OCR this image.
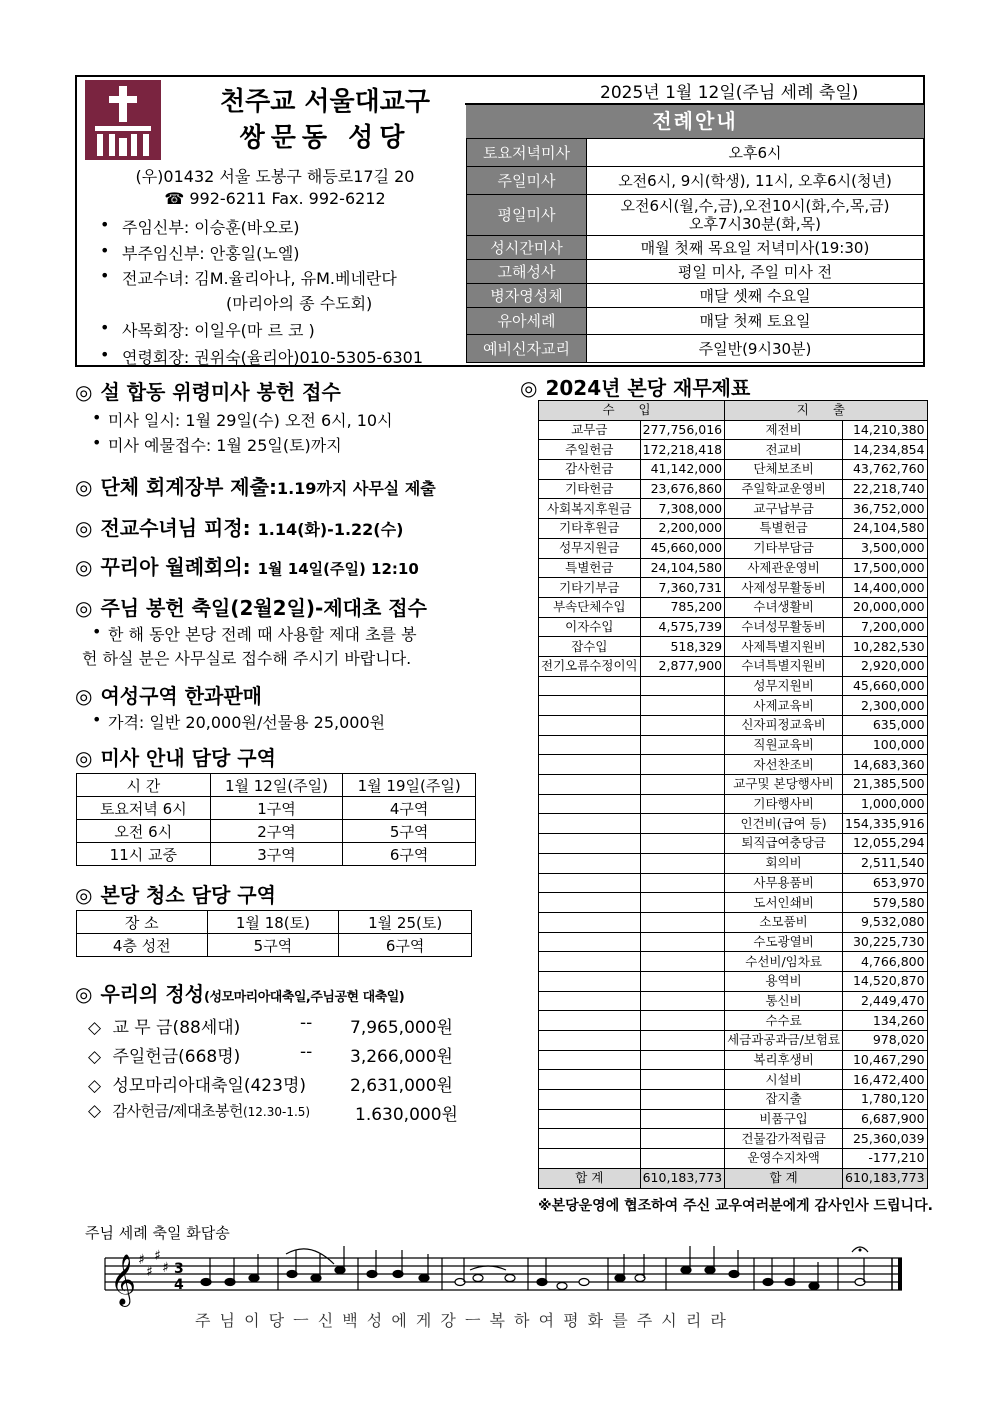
천주교 서울대교구
쌍문동 성당
(우)01432 서울 도봉구 해등로17길 20
☎ 992-6211 Fax. 992-6212
• 주임신부: 이승훈(바오로)
• 부주임신부: 안홍일(노엘)
• 전교수녀: 김M.율리아나, 유M.베네란다
(마리아의 종 수도회)
• 사목회장: 이일우(마 르 코 )
• 연령회장: 권위숙(율리아)010-5305-6301
2025년 1월 12일(주님 세례 축일)
전례안내
토요저녁미사	오후6시
주일미사	오전6시, 9시(학생), 11시, 오후6시(청년)
평일미사	오전6시(월,수,금),오전10시(화,수,목,금)
오후7시30분(화,목)

성시간미사	매월 첫째 목요일 저녁미사(19:30)
고해성사	평일 미사, 주일 미사 전
병자영성체	매달 셋째 수요일
유아세례	매달 첫째 토요일
예비신자교리	주일반(9시30분)
◎ 설 합동 위령미사 봉헌 접수
• 미사 일시: 1월 29일(수) 오전 6시, 10시
• 미사 예물접수: 1월 25일(토)까지
◎ 단체 회계장부 제출:1.19까지 사무실 제출
◎ 전교수녀님 피정: 1.14(화)-1.22(수)
◎ 꾸리아 월례회의: 1월 14일(주일) 12:10
◎ 주님 봉헌 축일(2월2일)-제대초 접수
• 한 해 동안 본당 전례 때 사용할 제대 초를 봉
헌 하실 분은 사무실로 접수해 주시기 바랍니다.
◎ 여성구역 한과판매
• 가격: 일반 20,000원/선물용 25,000원
◎ 미사 안내 담당 구역
시 간	1월 12일(주일)	1월 19일(주일)
토요저녁 6시	1구역	4구역
오전 6시	2구역	5구역
11시 교중	3구역	6구역
◎ 본당 청소 담당 구역
장 소	1월 18(토)	1월 25(토)
4층 성전	5구역	6구역
◎ 우리의 정성(성모마리아대축일,주님공현 대축일)
◇ 교 무 금(88세대)	-- 7,965,000원
◇ 주일헌금(668명)	-- 3,266,000원
◇ 성모마리아대축일(423명)	2,631,000원
◇ 감사헌금/제대초봉헌(12.30-1.5)	1.630,000원
◎ 2024년 본당 재무제표
수 입		지 출	
교무금	277,756,016	제전비	14,210,380
주일헌금	172,218,418	전교비	14,234,854
감사헌금	41,142,000	단체보조비	43,762,760
기타헌금	23,676,860	주일학교운영비	22,218,740
사회복지후원금	7,308,000	교구납부금	36,752,000
기타후원금	2,200,000	특별헌금	24,104,580
성무지원금	45,660,000	기타부담금	3,500,000
특별헌금	24,104,580	사제관운영비	17,500,000
기타기부금	7,360,731	사제성무활동비	14,400,000
부속단체수입	785,200	수녀생활비	20,000,000
이자수입	4,575,739	수녀성무활동비	7,200,000
잡수입	518,329	사제특별지원비	10,282,530
전기오류수정이익	2,877,900	수녀특별지원비	2,920,000
		성무지원비	45,660,000
		사제교육비	2,300,000
		신자피정교육비	635,000
		직원교육비	100,000
		자선찬조비	14,683,360
		교구및 본당행사비	21,385,500
		기타행사비	1,000,000
		인건비(급여 등)	154,335,916
		퇴직급여충당금	12,055,294
		회의비	2,511,540
		사무용품비	653,970
		도서인쇄비	579,580
		소모품비	9,532,080
		수도광열비	30,225,730
		수선비/임차료	4,766,800
		용역비	14,520,870
		통신비	2,449,470
		수수료	134,260
		세금과공과금/보험료	978,020
		복리후생비	10,467,290
		시설비	16,472,400
		잡지출	1,780,120
		비품구입	6,687,900
		건물감가적립금	25,360,039
		운영수지차액	-177,210
합 계	610,183,773	합 계	610,183,773
※본당운영에 협조하여 주신 교우여러분에게 감사인사 드립니다.
주님 세례 축일 화답송
𝄞 ♯
♯
♯
♯ 3
4
주 님 이 당 ㅡ 신 백 성 에 게 강 ㅡ 복 하 여 평 화 를 주 시 리 라
